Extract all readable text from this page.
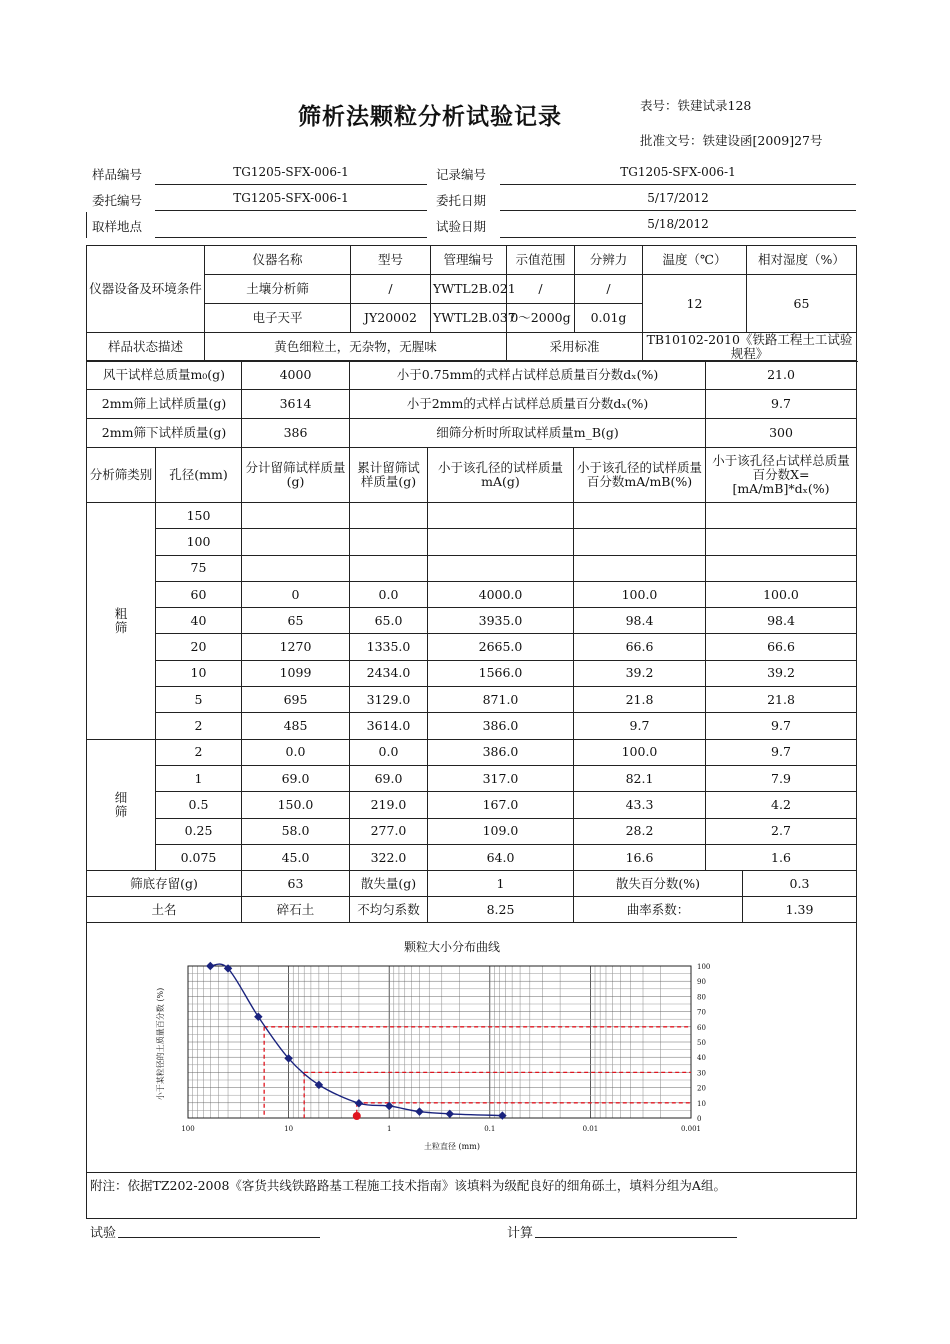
筛析法颗粒分析试验记录	表号：铁建试录128
批准文号：铁建设函[2009]27号
样品编号	TG1205-SFX-006-1	记录编号	TG1205-SFX-006-1
委托编号	TG1205-SFX-006-1	委托日期	5/17/2012
取样地点	试验日期	5/18/2012
仪器设备及环境条件	仪器名称	型号	管理编号	示值范围	分辨力	温度（℃）	相对湿度（%）
	土壤分析筛	/	YWTL2B.021	/	/	12	65
	电子天平	JY20002	YWTL2B.037	0～2000g	0.01g		
样品状态描述	黄色细粒土，无杂物，无腥味			采用标准		TB10102-2010《铁路工程土工试验规程》	
风干试样总质量m₀(g)		4000	小于0.75mm的式样占试样总质量百分数dₓ(%)			21.0	
2mm筛上试样质量(g)		3614	小于2mm的式样占试样总质量百分数dₓ(%)			9.7	
2mm筛下试样质量(g)		386	细筛分析时所取试样质量m_B(g)			300	
分析筛类别	孔径(mm)	分计留筛试样质量(g)	累计留筛试样质量(g)	小于该孔径的试样质量mA(g)	小于该孔径的试样质量百分数mA/mB(%)	小于该孔径占试样总质量百分数X=[mA/mB]*dₓ(%)	
粗
筛	150						
	100						
	75						
	60	0	0.0	4000.0	100.0	100.0	
	40	65	65.0	3935.0	98.4	98.4	
	20	1270	1335.0	2665.0	66.6	66.6	
	10	1099	2434.0	1566.0	39.2	39.2	
	5	695	3129.0	871.0	21.8	21.8	
	2	485	3614.0	386.0	9.7	9.7	
细
筛	2	0.0	0.0	386.0	100.0	9.7	
	1	69.0	69.0	317.0	82.1	7.9	
	0.5	150.0	219.0	167.0	43.3	4.2	
	0.25	58.0	277.0	109.0	28.2	2.7	
	0.075	45.0	322.0	64.0	16.6	1.6	
筛底存留(g)		63	散失量(g)	1	散失百分数(%)		0.3
土名		碎石土	不均匀系数	8.25	曲率系数：		1.39
颗粒大小分布曲线
100	10	1	0.1	0.01	0.001
0
10
20
30
40
50
60
70
80
90
100
土粒直径 (mm)
小于某粒径的土质量百分数 (%)
附注：依据TZ202-2008《客货共线铁路路基工程施工技术指南》该填料为级配良好的细角砾土，填料分组为A组。
试验	计算
